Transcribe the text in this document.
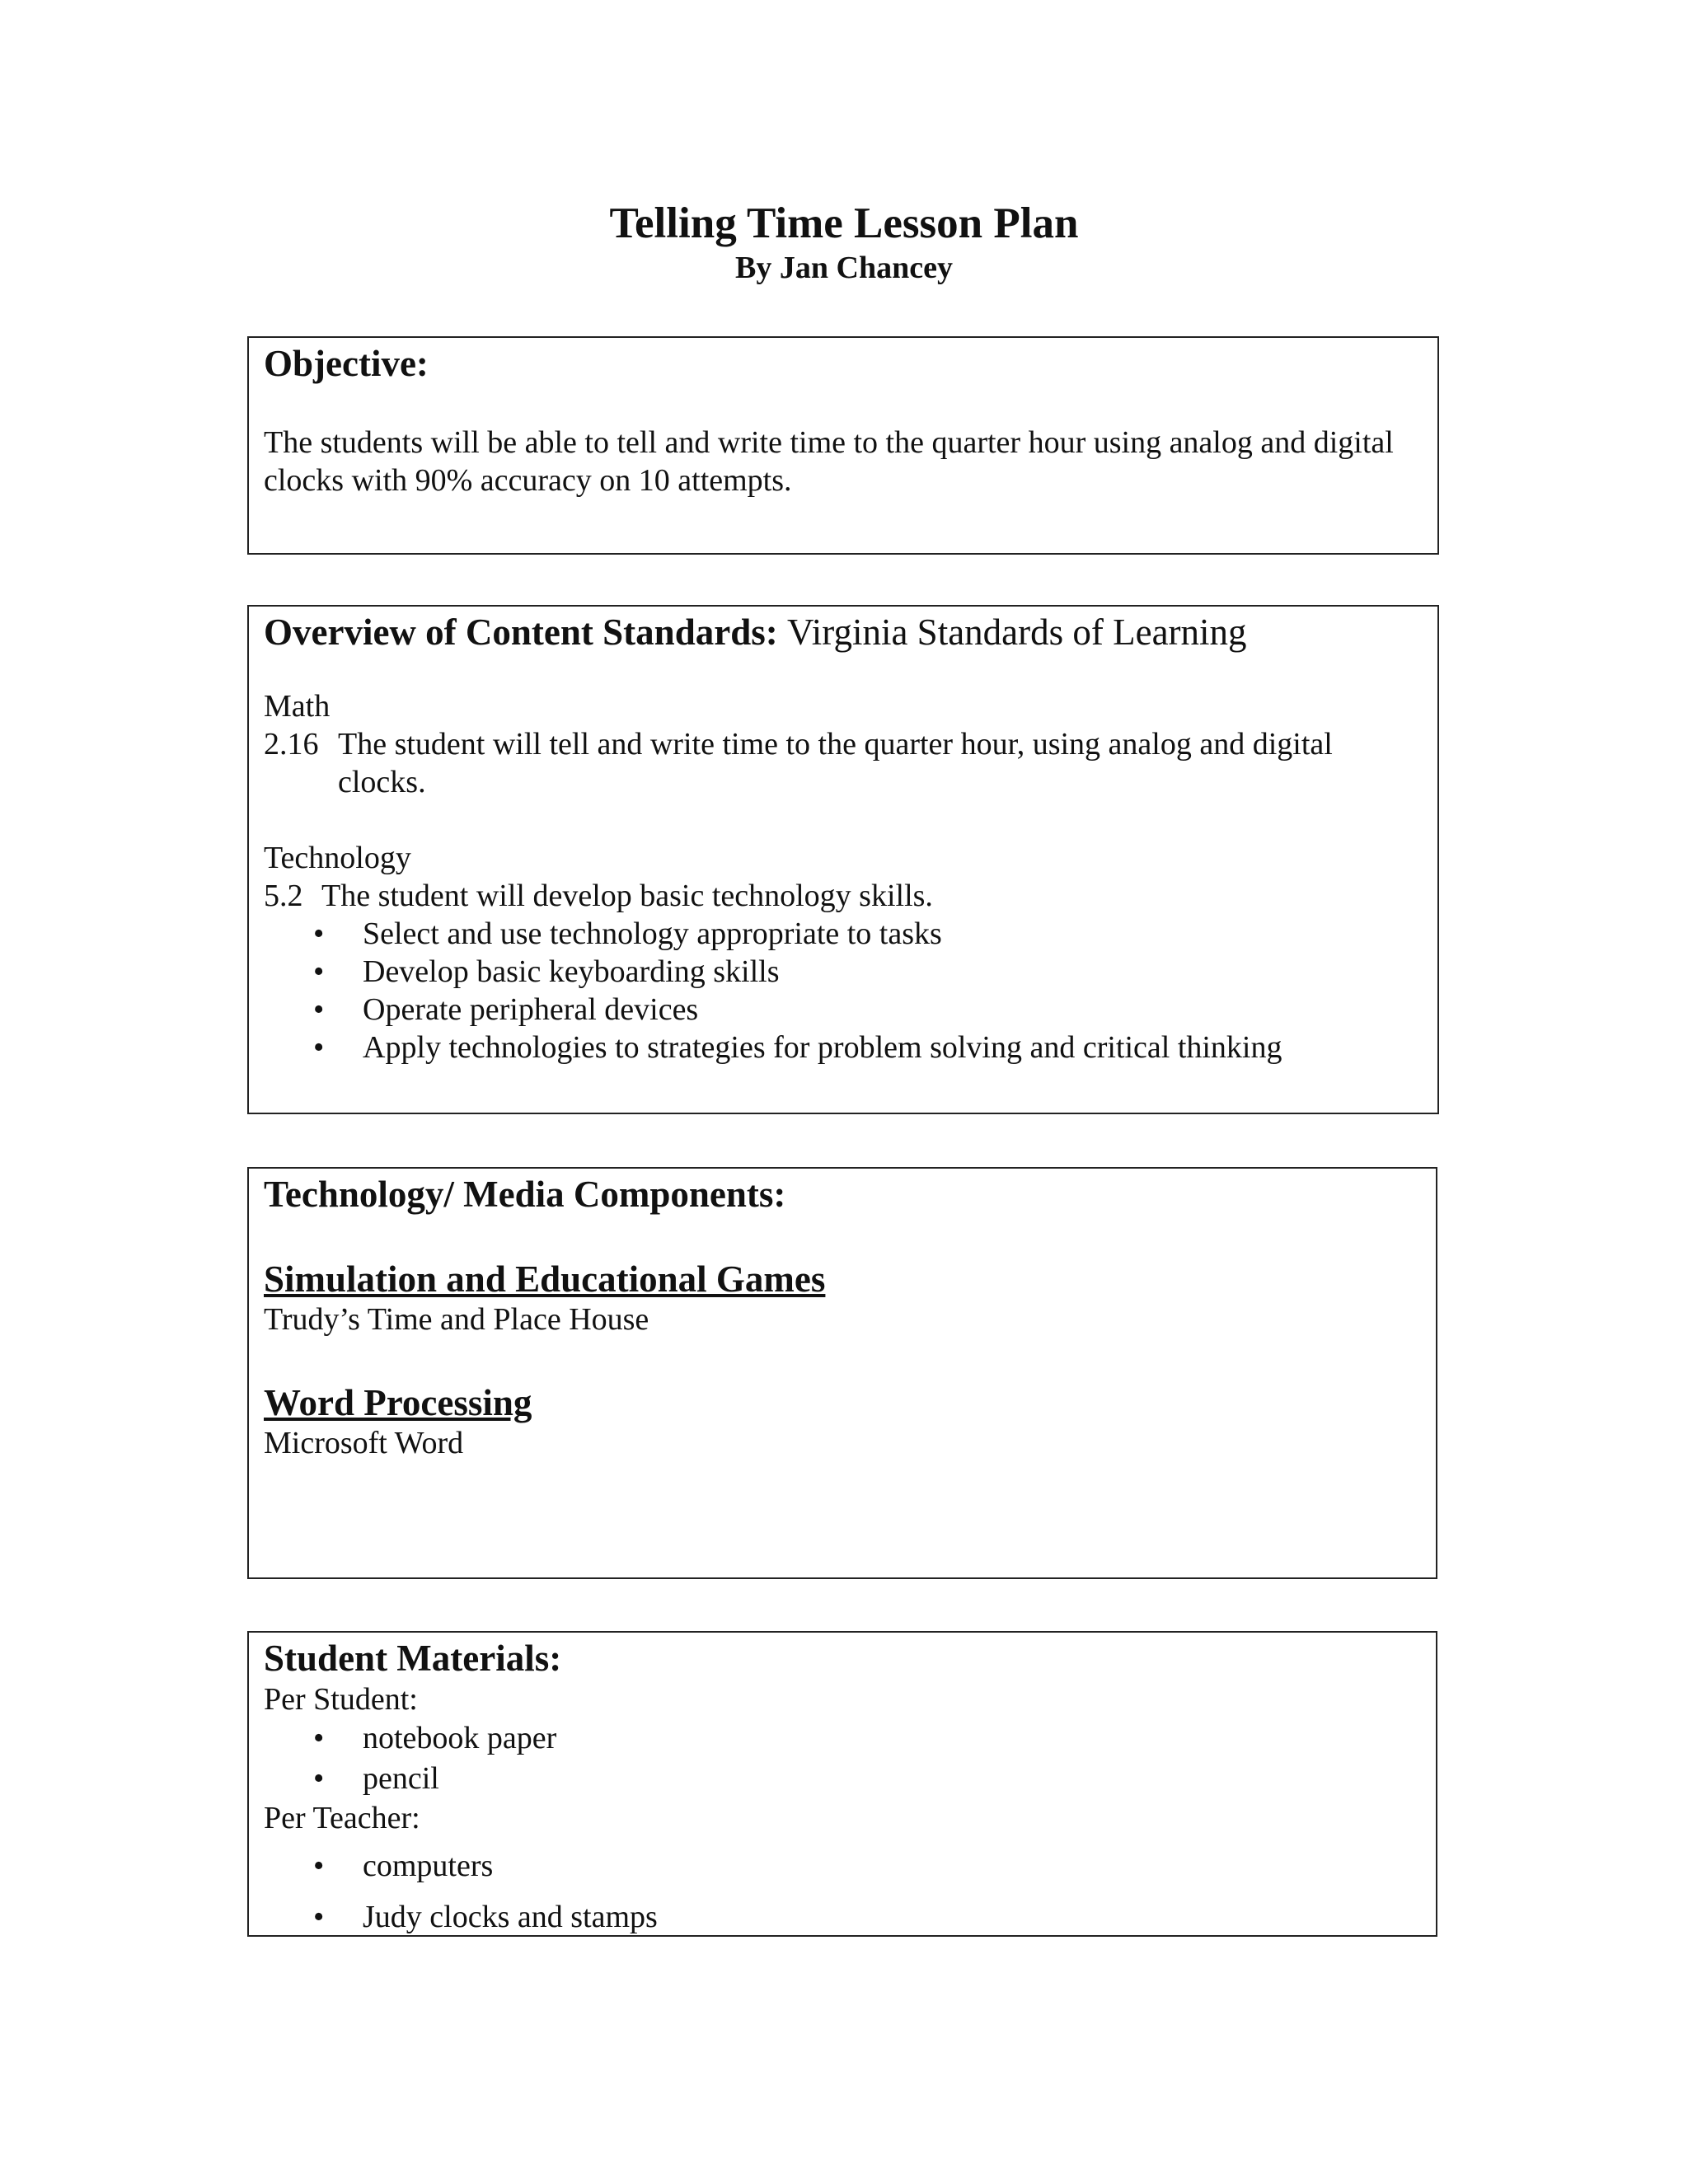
Telling Time Lesson Plan
By Jan Chancey
Objective:
The students will be able to tell and write time to the quarter hour using analog and digital clocks with 90% accuracy on 10 attempts.
Overview of Content Standards: Virginia Standards of Learning
Math
2.16 The student will tell and write time to the quarter hour, using analog and digital clocks.
Technology
5.2 The student will develop basic technology skills.
• Select and use technology appropriate to tasks
• Develop basic keyboarding skills
• Operate peripheral devices
• Apply technologies to strategies for problem solving and critical thinking
Technology/ Media Components:
Simulation and Educational Games
Trudy’s Time and Place House
Word Processing
Microsoft Word
Student Materials:
Per Student:
• notebook paper
• pencil
Per Teacher:
• computers
• Judy clocks and stamps
